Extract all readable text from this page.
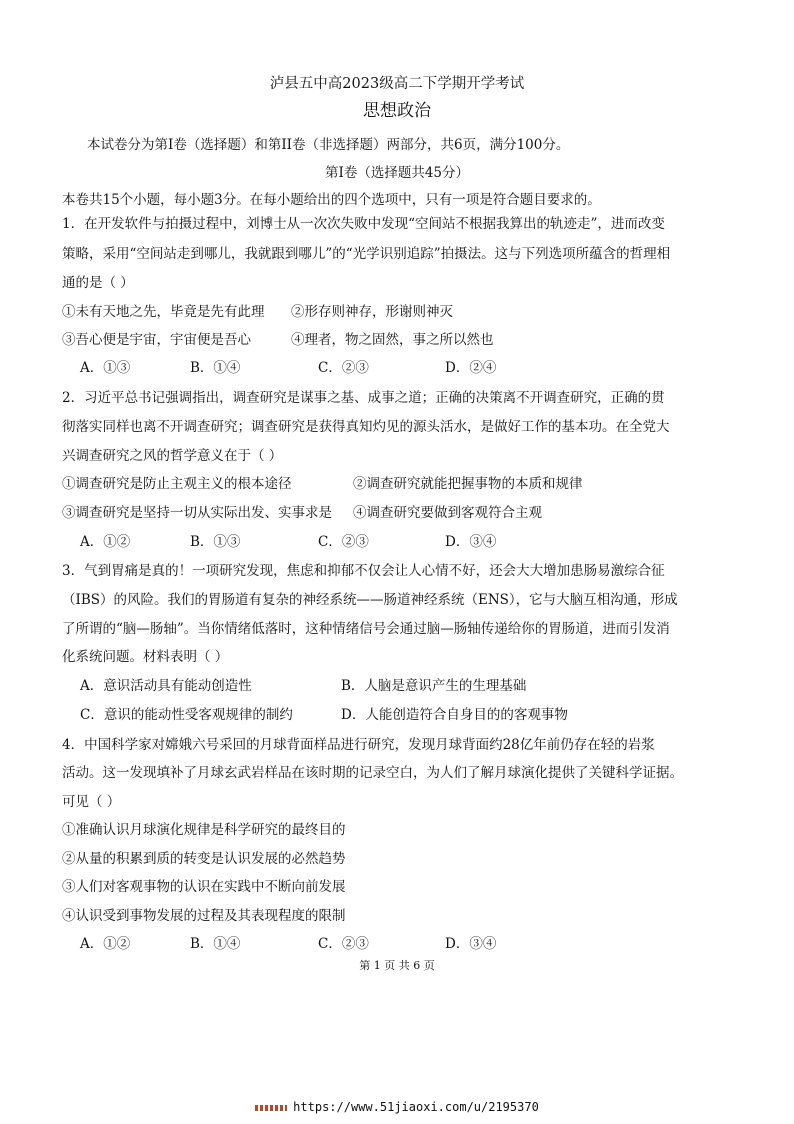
泸县五中高2023级高二下学期开学考试
思想政治
本试卷分为第I卷（选择题）和第II卷（非选择题）两部分，共6页，满分100分。
第I卷（选择题共45分）
本卷共15个小题，每小题3分。在每小题给出的四个选项中，只有一项是符合题目要求的。
1．在开发软件与拍摄过程中，刘博士从一次次失败中发现“空间站不根据我算出的轨迹走”，进而改变
策略，采用“空间站走到哪儿，我就跟到哪儿”的“光学识别追踪”拍摄法。这与下列选项所蕴含的哲理相
通的是（ ）
①未有天地之先，毕竟是先有此理 ②形存则神存，形谢则神灭
③吾心便是宇宙，宇宙便是吾心	④理者，物之固然，事之所以然也
A．①③	B．①④	C．②③	D．②④
2．习近平总书记强调指出，调查研究是谋事之基、成事之道；正确的决策离不开调查研究，正确的贯
彻落实同样也离不开调查研究；调查研究是获得真知灼见的源头活水，是做好工作的基本功。在全党大
兴调查研究之风的哲学意义在于（ ）
①调查研究是防止主观主义的根本途径	②调查研究就能把握事物的本质和规律
③调查研究是坚持一切从实际出发、实事求是 ④调查研究要做到客观符合主观
A．①②	B．①③	C．②③	D．③④
3．气到胃痛是真的！一项研究发现，焦虑和抑郁不仅会让人心情不好，还会大大增加患肠易激综合征
（IBS）的风险。我们的胃肠道有复杂的神经系统——肠道神经系统（ENS），它与大脑互相沟通，形成
了所谓的“脑—肠轴”。当你情绪低落时，这种情绪信号会通过脑—肠轴传递给你的胃肠道，进而引发消
化系统问题。材料表明（ ）
A．意识活动具有能动创造性	B．人脑是意识产生的生理基础
C．意识的能动性受客观规律的制约	D．人能创造符合自身目的的客观事物
4．中国科学家对嫦娥六号采回的月球背面样品进行研究，发现月球背面约28亿年前仍存在轻的岩浆
活动。这一发现填补了月球玄武岩样品在该时期的记录空白，为人们了解月球演化提供了关键科学证据。
可见（ ）
①准确认识月球演化规律是科学研究的最终目的
②从量的积累到质的转变是认识发展的必然趋势
③人们对客观事物的认识在实践中不断向前发展
④认识受到事物发展的过程及其表现程度的限制
A．①②	B．①④	C．②③	D．③④
第 1 页 共 6 页
https://www.51jiaoxi.com/u/2195370
